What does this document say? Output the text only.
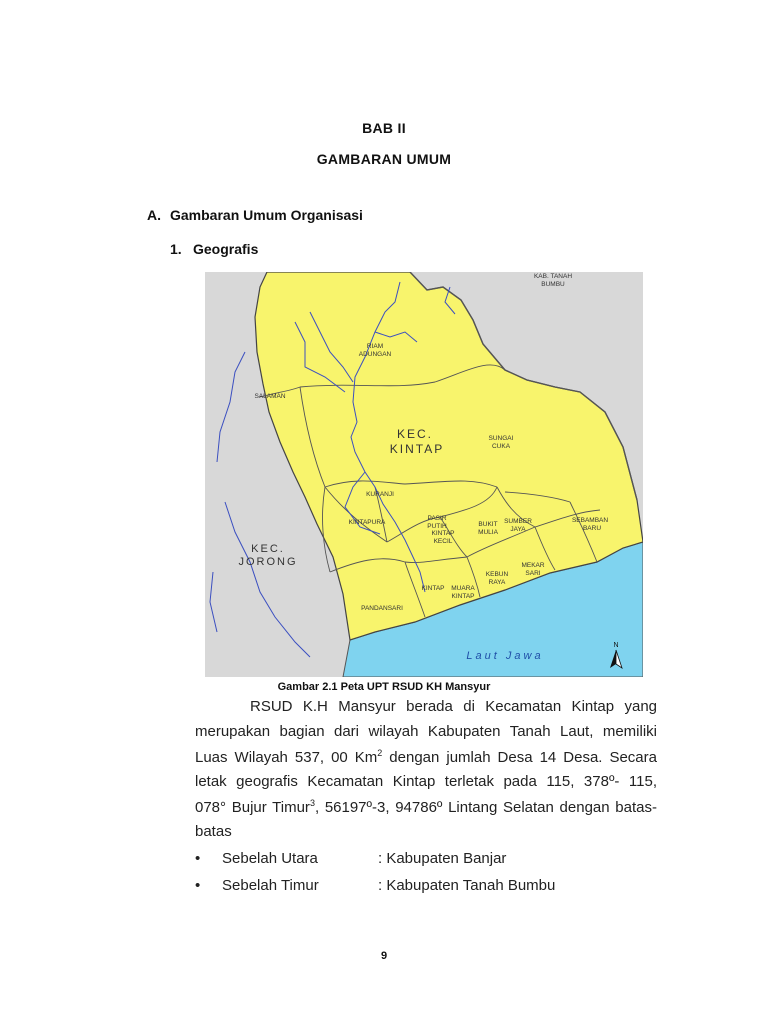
BAB II
GAMBARAN UMUM
A. Gambaran Umum Organisasi
1. Geografis
KAB. TANAH
BUMBU
RIAM
ADUNGAN
SALAMAN
KEC.
KINTAP
SUNGAI
CUKA
KURANJI
KINTAPURA
PASIR
PUTIH
KINTAP
KECIL
BUKIT
MULIA
SUMBER
JAYA
SEBAMBAN
BARU
MEKAR
SARI
KEBUN
RAYA
KINTAP MUARA
KINTAP
PANDANSARI
KEC.
JORONG
Laut Jawa
N
Gambar 2.1 Peta UPT RSUD KH Mansyur
RSUD K.H Mansyur berada di Kecamatan Kintap yang
merupakan bagian dari wilayah Kabupaten Tanah Laut, memiliki
Luas Wilayah 537, 00 Km$^2$ dengan jumlah Desa 14 Desa. Secara
letak geografis Kecamatan Kintap terletak pada 115, 378º- 115,
078° Bujur Timur$^3$, 56197º-3, 94786º Lintang Selatan dengan batas-
batas
• Sebelah Utara	: Kabupaten Banjar
• Sebelah Timur	: Kabupaten Tanah Bumbu
9
